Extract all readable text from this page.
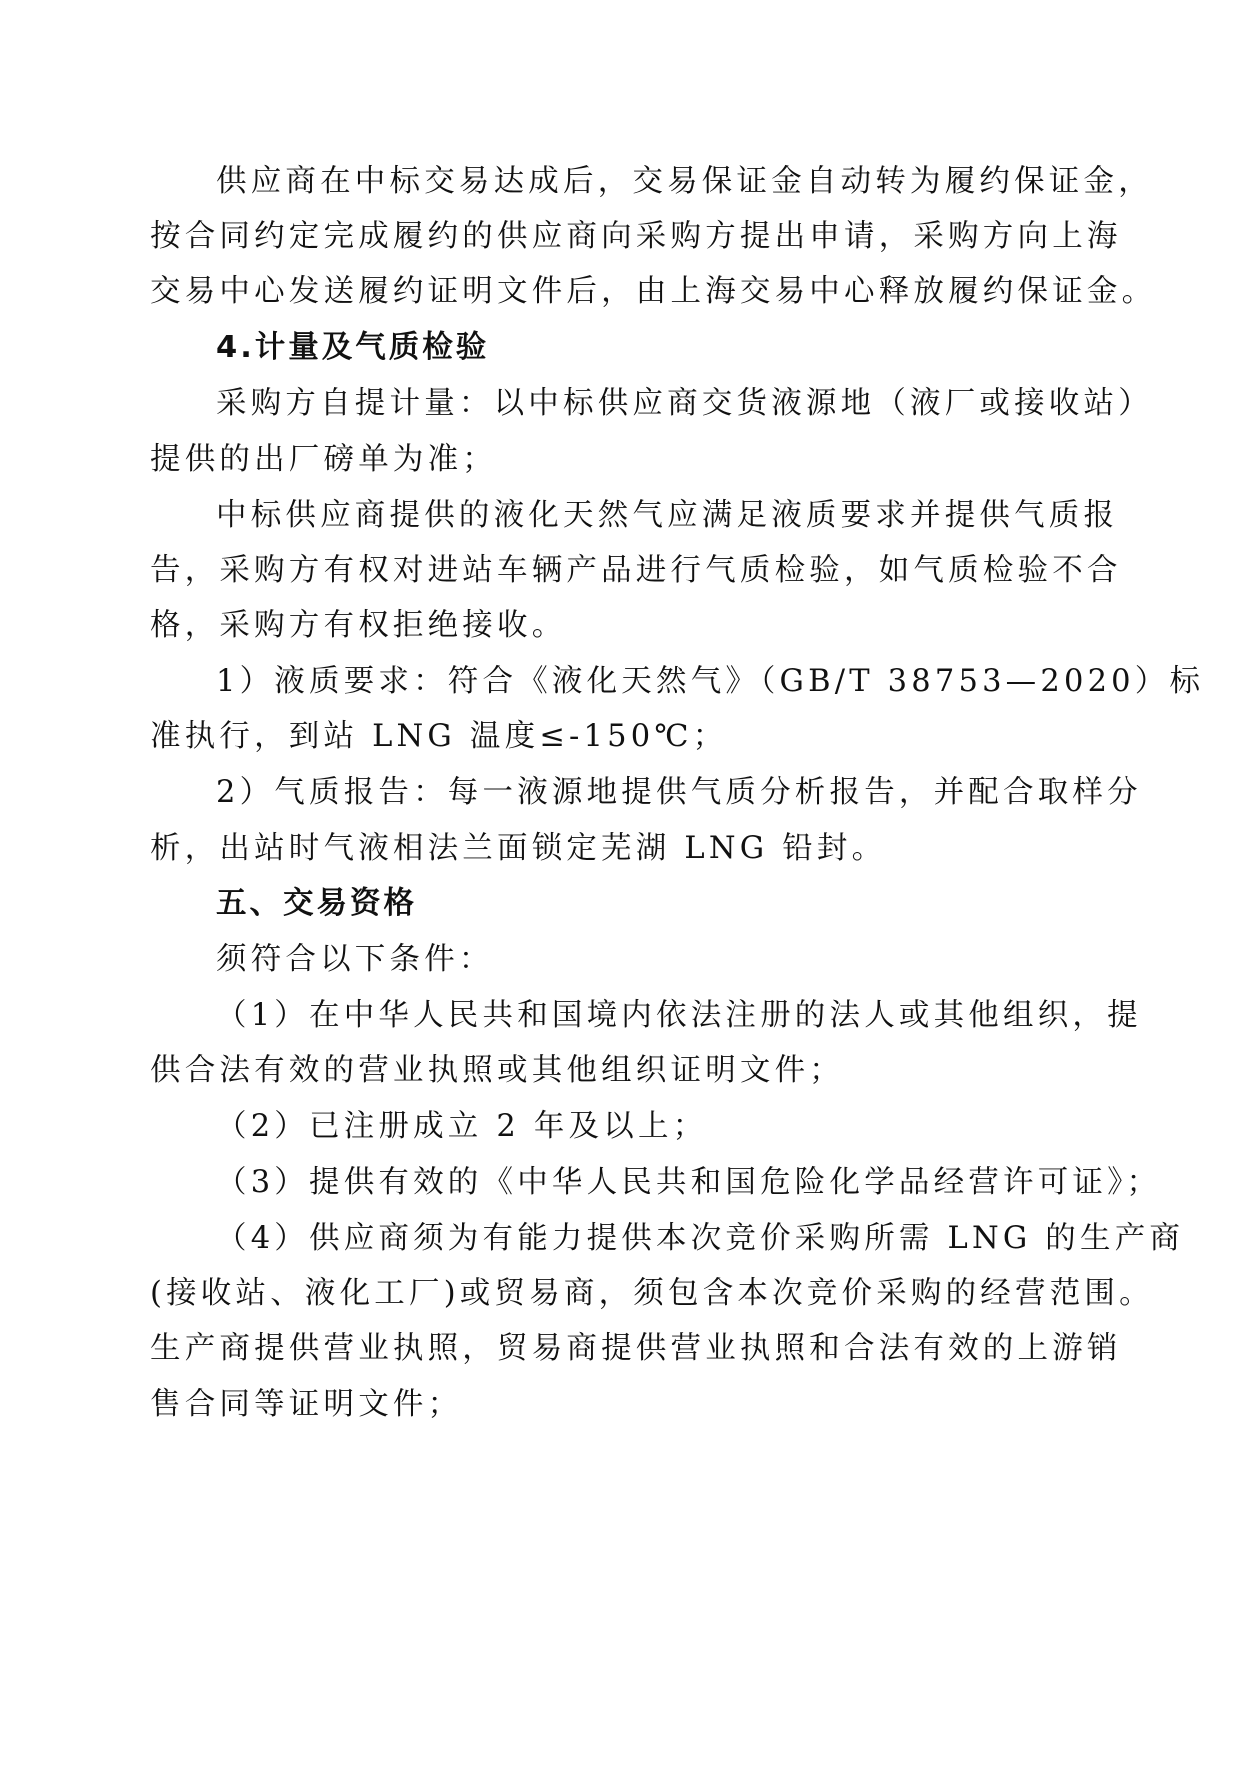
供应商在中标交易达成后，交易保证金自动转为履约保证金，
按合同约定完成履约的供应商向采购方提出申请，采购方向上海
交易中心发送履约证明文件后，由上海交易中心释放履约保证金。
4.计量及气质检验
采购方自提计量：以中标供应商交货液源地（液厂或接收站）
提供的出厂磅单为准；
中标供应商提供的液化天然气应满足液质要求并提供气质报
告，采购方有权对进站车辆产品进行气质检验，如气质检验不合
格，采购方有权拒绝接收。
1）液质要求：符合《液化天然气》（GB/T 38753—2020）标
准执行，到站 LNG 温度≤-150℃；
2）气质报告：每一液源地提供气质分析报告，并配合取样分
析，出站时气液相法兰面锁定芜湖 LNG 铅封。
五、交易资格
须符合以下条件：
（1）在中华人民共和国境内依法注册的法人或其他组织，提
供合法有效的营业执照或其他组织证明文件；
（2）已注册成立 2 年及以上；
（3）提供有效的《中华人民共和国危险化学品经营许可证》；
（4）供应商须为有能力提供本次竞价采购所需 LNG 的生产商
(接收站、液化工厂)或贸易商，须包含本次竞价采购的经营范围。
生产商提供营业执照，贸易商提供营业执照和合法有效的上游销
售合同等证明文件；
